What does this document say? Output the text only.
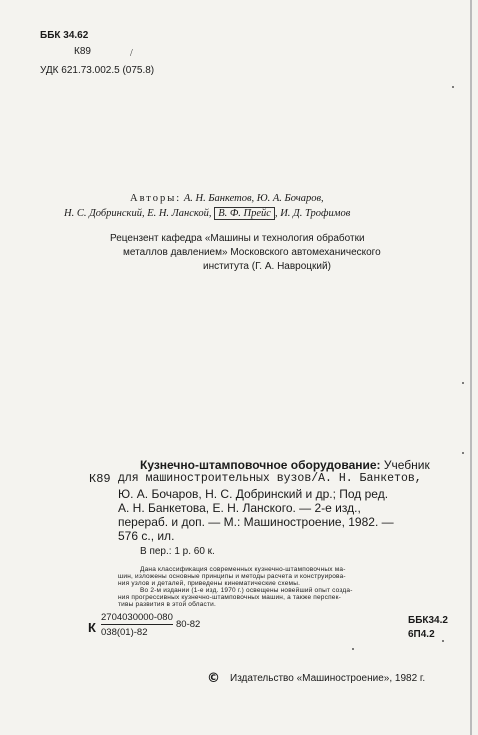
ББК 34.62
К89	/
УДК 621.73.002.5 (075.8)
Авторы: А. Н. Банкетов, Ю. А. Бочаров,
Н. С. Добринский, Е. Н. Ланской, В. Ф. Прейс , И. Д. Трофимов
Рецензент кафедра «Машины и технология обработки
металлов давлением» Московского автомеханического
института (Г. А. Навроцкий)
Кузнечно-штамповочное оборудование: Учебник
К89 для машиностроительных вузов/А. Н. Банкетов,
Ю. А. Бочаров, Н. С. Добринский и др.; Под ред.
А. Н. Банкетова, Е. Н. Ланского. — 2-е изд.,
перераб. и доп. — М.: Машиностроение, 1982. —
576 с., ил.
В пер.: 1 р. 60 к.
Дана классификация современных кузнечно-штамповочных ма-
шин, изложены основные принципы и методы расчета и конструирова-
ния узлов и деталей, приведены кинематические схемы.
Во 2-м издании (1-е изд. 1970 г.) освещены новейший опыт созда-
ния прогрессивных кузнечно-штамповочных машин, а также перспек-
тивы развития в этой области.
К
2704030000-080
038(01)-82
80-82	ББК34.2
6П4.2
© Издательство «Машиностроение», 1982 г.
